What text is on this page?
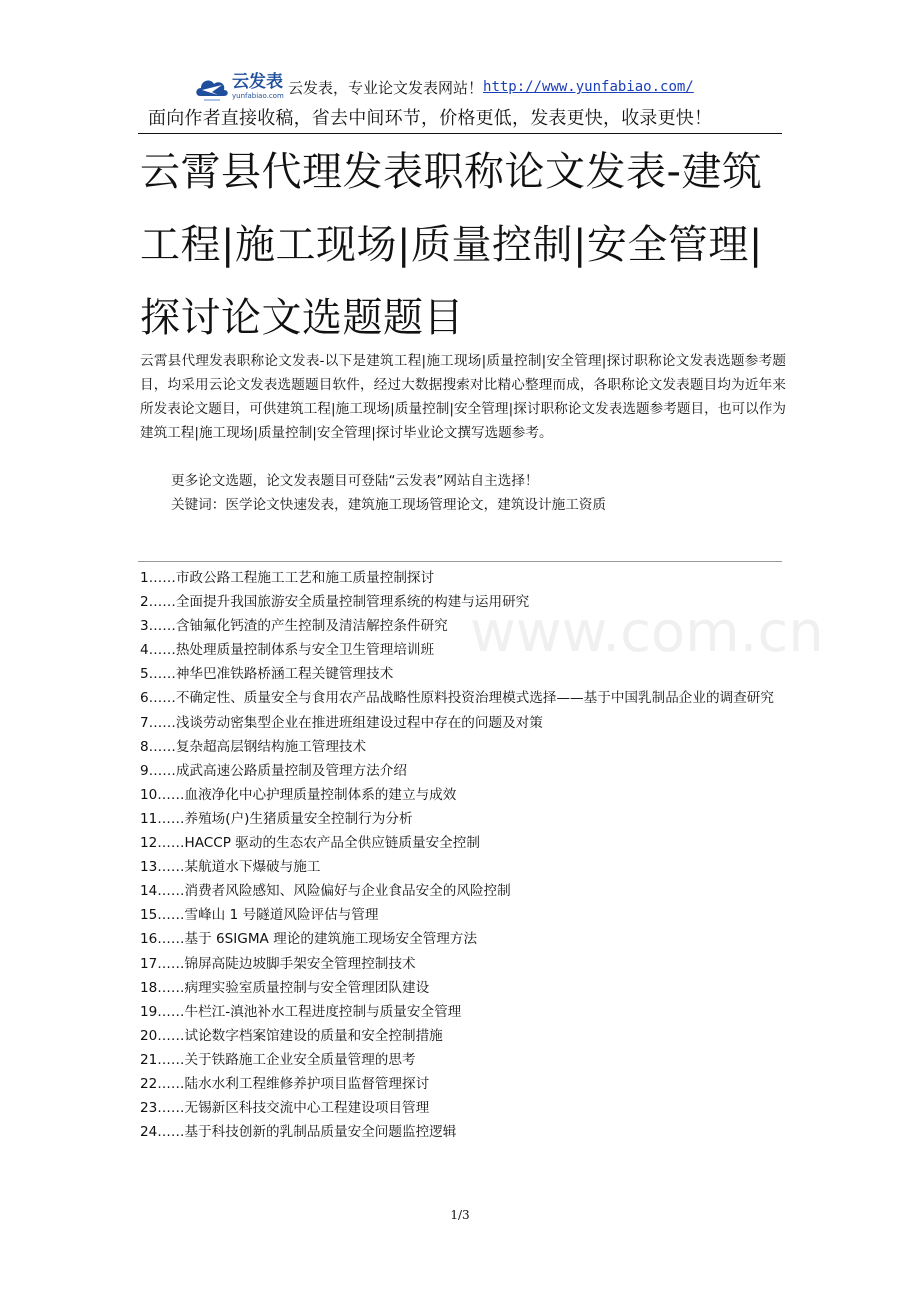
云发表
yunfabiao.com 云发表，专业论文发表网站！ http://www.yunfabiao.com/
面向作者直接收稿，省去中间环节，价格更低，发表更快，收录更快！
云霄县代理发表职称论文发表-建筑工程|施工现场|质量控制|安全管理|探讨论文选题题目

云霄县代理发表职称论文发表-以下是建筑工程|施工现场|质量控制|安全管理|探讨职称论文发表选题参考题目，均采用云论文发表选题题目软件，经过大数据搜索对比精心整理而成，各职称论文发表题目均为近年来所发表论文题目，可供建筑工程|施工现场|质量控制|安全管理|探讨职称论文发表选题参考题目，也可以作为建筑工程|施工现场|质量控制|安全管理|探讨毕业论文撰写选题参考。

更多论文选题，论文发表题目可登陆“云发表”网站自主选择！
关键词：医学论文快速发表，建筑施工现场管理论文，建筑设计施工资质
www.com.cn
1……市政公路工程施工工艺和施工质量控制探讨
2……全面提升我国旅游安全质量控制管理系统的构建与运用研究
3……含铀氟化钙渣的产生控制及清洁解控条件研究
4……热处理质量控制体系与安全卫生管理培训班
5……神华巴准铁路桥涵工程关键管理技术
6……不确定性、质量安全与食用农产品战略性原料投资治理模式选择——基于中国乳制品企业的调查研究
7……浅谈劳动密集型企业在推进班组建设过程中存在的问题及对策
8……复杂超高层钢结构施工管理技术
9……成武高速公路质量控制及管理方法介绍
10……血液净化中心护理质量控制体系的建立与成效
11……养殖场(户)生猪质量安全控制行为分析
12……HACCP 驱动的生态农产品全供应链质量安全控制
13……某航道水下爆破与施工
14……消费者风险感知、风险偏好与企业食品安全的风险控制
15……雪峰山 1 号隧道风险评估与管理
16……基于 6SIGMA 理论的建筑施工现场安全管理方法
17……锦屏高陡边坡脚手架安全管理控制技术
18……病理实验室质量控制与安全管理团队建设
19……牛栏江-滇池补水工程进度控制与质量安全管理
20……试论数字档案馆建设的质量和安全控制措施
21……关于铁路施工企业安全质量管理的思考
22……陆水水利工程维修养护项目监督管理探讨
23……无锡新区科技交流中心工程建设项目管理
24……基于科技创新的乳制品质量安全问题监控逻辑
1/3
